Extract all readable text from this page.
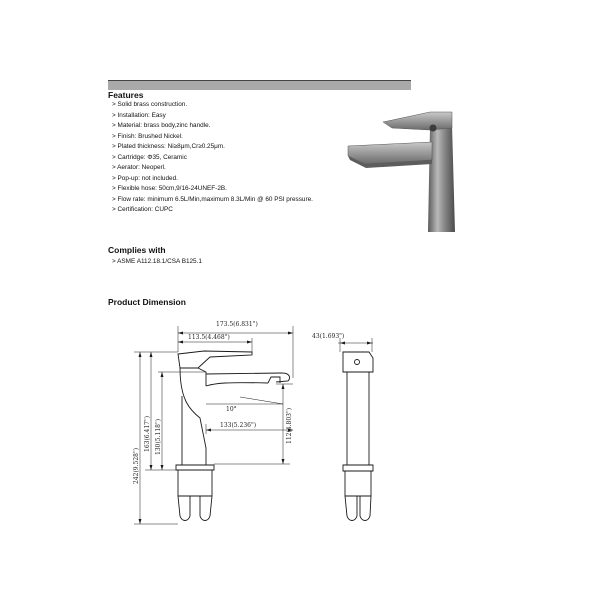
Features
> Solid brass construction.
> Installation: Easy
> Material: brass body,zinc handle.
> Finish: Brushed Nickel.
> Plated thickness: Ni≥8μm,Cr≥0.25μm.
> Cartridge: Φ35, Ceramic
> Aerator: Neoperl.
> Pop-up: not included.
> Flexible hose: 50cm,9/16-24UNEF-2B.
> Flow rate: minimum 6.5L/Min,maximum 8.3L/Min @ 60 PSI pressure.
> Certification: CUPC
Complies with
> ASME A112.18.1/CSA B125.1
Product Dimension
173.5(6.831")
113.5(4.468")
10°
133(5.236")
43(1.693")
242(9.528")
163(6.417") 130(5.118")	112(4.803")
